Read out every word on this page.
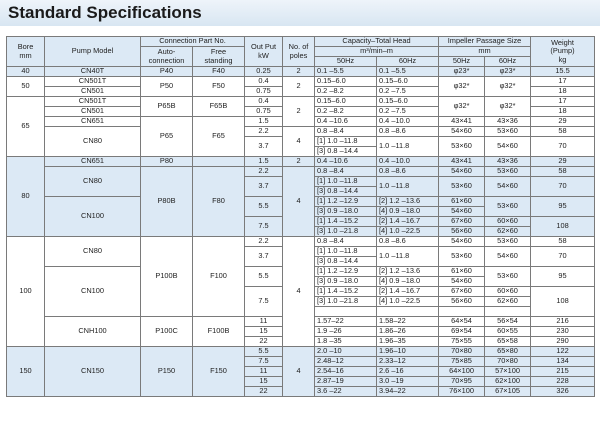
Standard Specifications
Bore
mm	Pump Model	Connection Part No.		Out Put
kW	No. of
poles	Capacity–Total Head		Impeller Passage Size		Weight
(Pump)
kg
		Auto-
connection	Free
standing			m³/min–m		mm		
						50Hz	60Hz	50Hz	60Hz	
40	CN40T	P40	F40	0.25	2	0.1 –5.5	0.1 –5.5	φ23*	φ23*	15.5
50	CN501T	P50	F50	0.4	2	0.15–6.0	0.15–6.0	φ32*	φ32*	17
	CN501			0.75		0.2 –8.2	0.2 –7.5			18
65	CN501T	P65B	F65B	0.4	2	0.15–6.0	0.15–6.0	φ32*	φ32*	17
	CN501			0.75		0.2 –8.2	0.2 –7.5			18
	CN651	P65	F65	1.5		0.4 –10.6	0.4 –10.0	43×41	43×36	29
	CN80			2.2	4	0.8 –8.4	0.8 –8.6	54×60	53×60	58
				3.7		[1] 1.0 –11.8	1.0 –11.8	53×60	54×60	70
						[3] 0.8 –14.4				

80	CN651	P80		1.5	2	0.4 –10.6	0.4 –10.0	43×41	43×36	29
	CN80	P80B	F80	2.2	4	0.8 –8.4	0.8 –8.6	54×60	53×60	58
				3.7		[1] 1.0 –11.8	1.0 –11.8	53×60	54×60	70
						[3] 0.8 –14.4				
	CN100			5.5		[1] 1.2 –12.9	[2] 1.2 –13.6	61×60	53×60	95
						[3] 0.9 –18.0	[4] 0.9 –18.0	54×60		
				7.5		[1] 1.4 –15.2	[2] 1.4 –16.7	67×60	60×60	108
						[3] 1.0 –21.8	[4] 1.0 –22.5	56×60	62×60	

100	CN80	P100B	F100	2.2	4	0.8 –8.4	0.8 –8.6	54×60	53×60	58
				3.7		[1] 1.0 –11.8	1.0 –11.8	53×60	54×60	70
						[3] 0.8 –14.4				
	CN100			5.5		[1] 1.2 –12.9	[2] 1.2 –13.6	61×60	53×60	95
						[3] 0.9 –18.0	[4] 0.9 –18.0	54×60		
				7.5		[1] 1.4 –15.2	[2] 1.4 –16.7	67×60	60×60	108
						[3] 1.0 –21.8	[4] 1.0 –22.5	56×60	62×60	

	CNH100	P100C	F100B	11		1.57–22	1.58–22	64×54	56×54	216
				15		1.9 –26	1.86–26	69×54	60×55	230
				22		1.8 –35	1.96–35	75×55	65×58	290
150	CN150	P150	F150	5.5	4	2.0 –10	1.96–10	70×80	65×80	122
				7.5		2.48–12	2.33–12	75×85	70×80	134
				11		2.54–16	2.6 –16	64×100	57×100	215
				15		2.87–19	3.0 –19	70×95	62×100	228
				22		3.6 –22	3.94–22	76×100	67×105	326
